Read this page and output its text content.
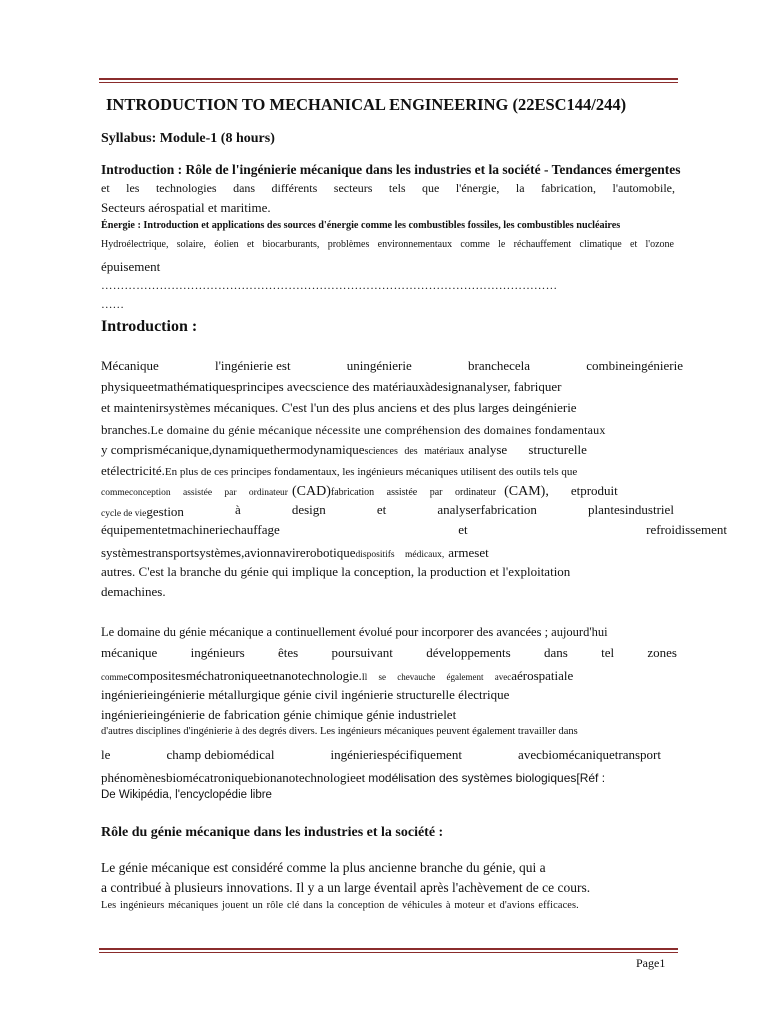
INTRODUCTION TO MECHANICAL ENGINEERING (22ESC144/244)
Syllabus: Module-1 (8 hours)
Introduction : Rôle de l'ingénierie mécanique dans les industries et la société - Tendances émergentes
et les technologies dans différents secteurs tels que l'énergie, la fabrication, l'automobile,
Secteurs aérospatial et maritime.
Énergie : Introduction et applications des sources d'énergie comme les combustibles fossiles, les combustibles nucléaires
Hydroélectrique, solaire, éolien et biocarburants, problèmes environnementaux comme le réchauffement climatique et l'ozone
épuisement
………………………………………………………………………………………………………
……
Introduction :
Mécanique	l'ingénierie est	uningénierie	branchecela	combineingénierie
physiqueetmathématiquesprincipes avecscience des matériauxàdesignanalyser, fabriquer
et maintenirsystèmes mécaniques. C'est l'un des plus anciens et des plus larges deingénierie
branches.Le domaine du génie mécanique nécessite une compréhension des domaines fondamentaux
y comprismécanique,dynamiquethermodynamiquesciences des matériaux analyse structurelle
etélectricité.En plus de ces principes fondamentaux, les ingénieurs mécaniques utilisent des outils tels que
commeconception assistée par ordinateur (CAD)fabrication assistée par ordinateur (CAM), etproduit
cycle de viegestion	à	design	et	analyserfabrication	plantesindustriel
équipementetmachineriechauffage	et	refroidissement
systèmestransportsystèmes,avionnavirerobotiquedispositifs médicaux, armeset
autres. C'est la branche du génie qui implique la conception, la production et l'exploitation
demachines.
Le domaine du génie mécanique a continuellement évolué pour incorporer des avancées ; aujourd'hui
mécanique	ingénieurs	êtes	poursuivant	développements	dans	tel	zones
commecompositesméchatroniqueetnanotechnologie.Il se chevauche également avecaérospatiale
ingénierieingénierie métallurgique génie civil ingénierie structurelle électrique
ingénierieingénierie de fabrication génie chimique génie industrielet
d'autres disciplines d'ingénierie à des degrés divers. Les ingénieurs mécaniques peuvent également travailler dans
le	champ debiomédical	ingénieriespécifiquement	avecbiomécaniquetransport
phénomènesbiomécatroniquebionanotechnologieet modélisation des systèmes biologiques[Réf :
De Wikipédia, l'encyclopédie libre
Rôle du génie mécanique dans les industries et la société :
Le génie mécanique est considéré comme la plus ancienne branche du génie, qui a
a contribué à plusieurs innovations. Il y a un large éventail après l'achèvement de ce cours.
Les ingénieurs mécaniques jouent un rôle clé dans la conception de véhicules à moteur et d'avions efficaces.
Page1
